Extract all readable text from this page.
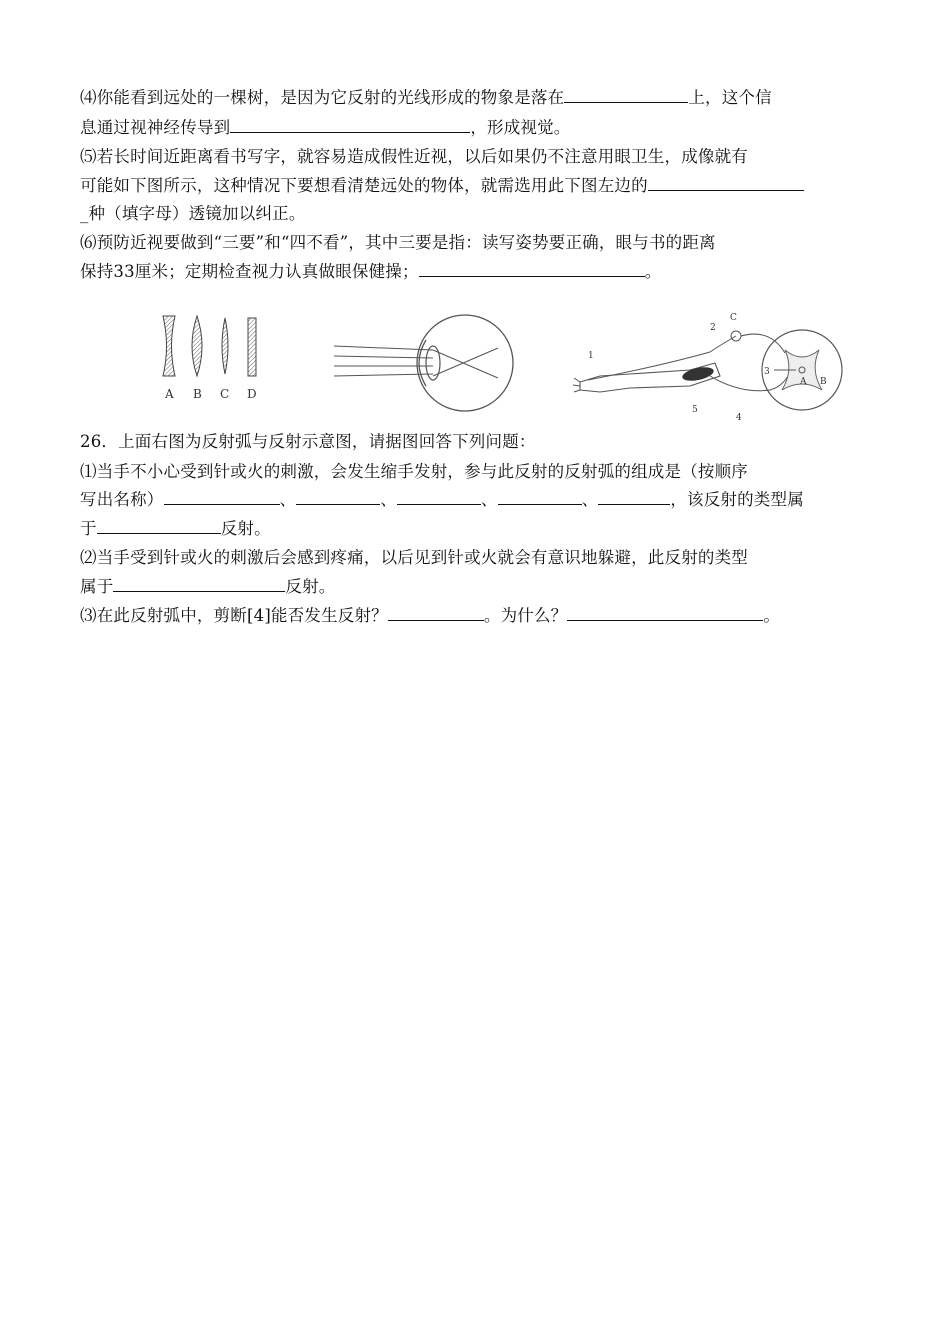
⑷你能看到远处的一棵树，是因为它反射的光线形成的物象是落在	上，这个信
息通过视神经传导到	，形成视觉。
⑸若长时间近距离看书写字，就容易造成假性近视，以后如果仍不注意用眼卫生，成像就有
可能如下图所示，这种情况下要想看清楚远处的物体，就需选用此下图左边的
_种（填字母）透镜加以纠正。
⑹预防近视要做到“三要”和“四不看”，其中三要是指：读写姿势要正确，眼与书的距离
保持33厘米；定期检查视力认真做眼保健操；	。
A B C D
1
2
C
3
4
5
A B
26．上面右图为反射弧与反射示意图，请据图回答下列问题：
⑴当手不小心受到针或火的刺激，会发生缩手发射，参与此反射的反射弧的组成是（按顺序
写出名称）	、	、	、	、	，该反射的类型属
于	反射。
⑵当手受到针或火的刺激后会感到疼痛，以后见到针或火就会有意识地躲避，此反射的类型
属于	反射。
⑶在此反射弧中，剪断[4]能否发生反射？	。为什么？	。
